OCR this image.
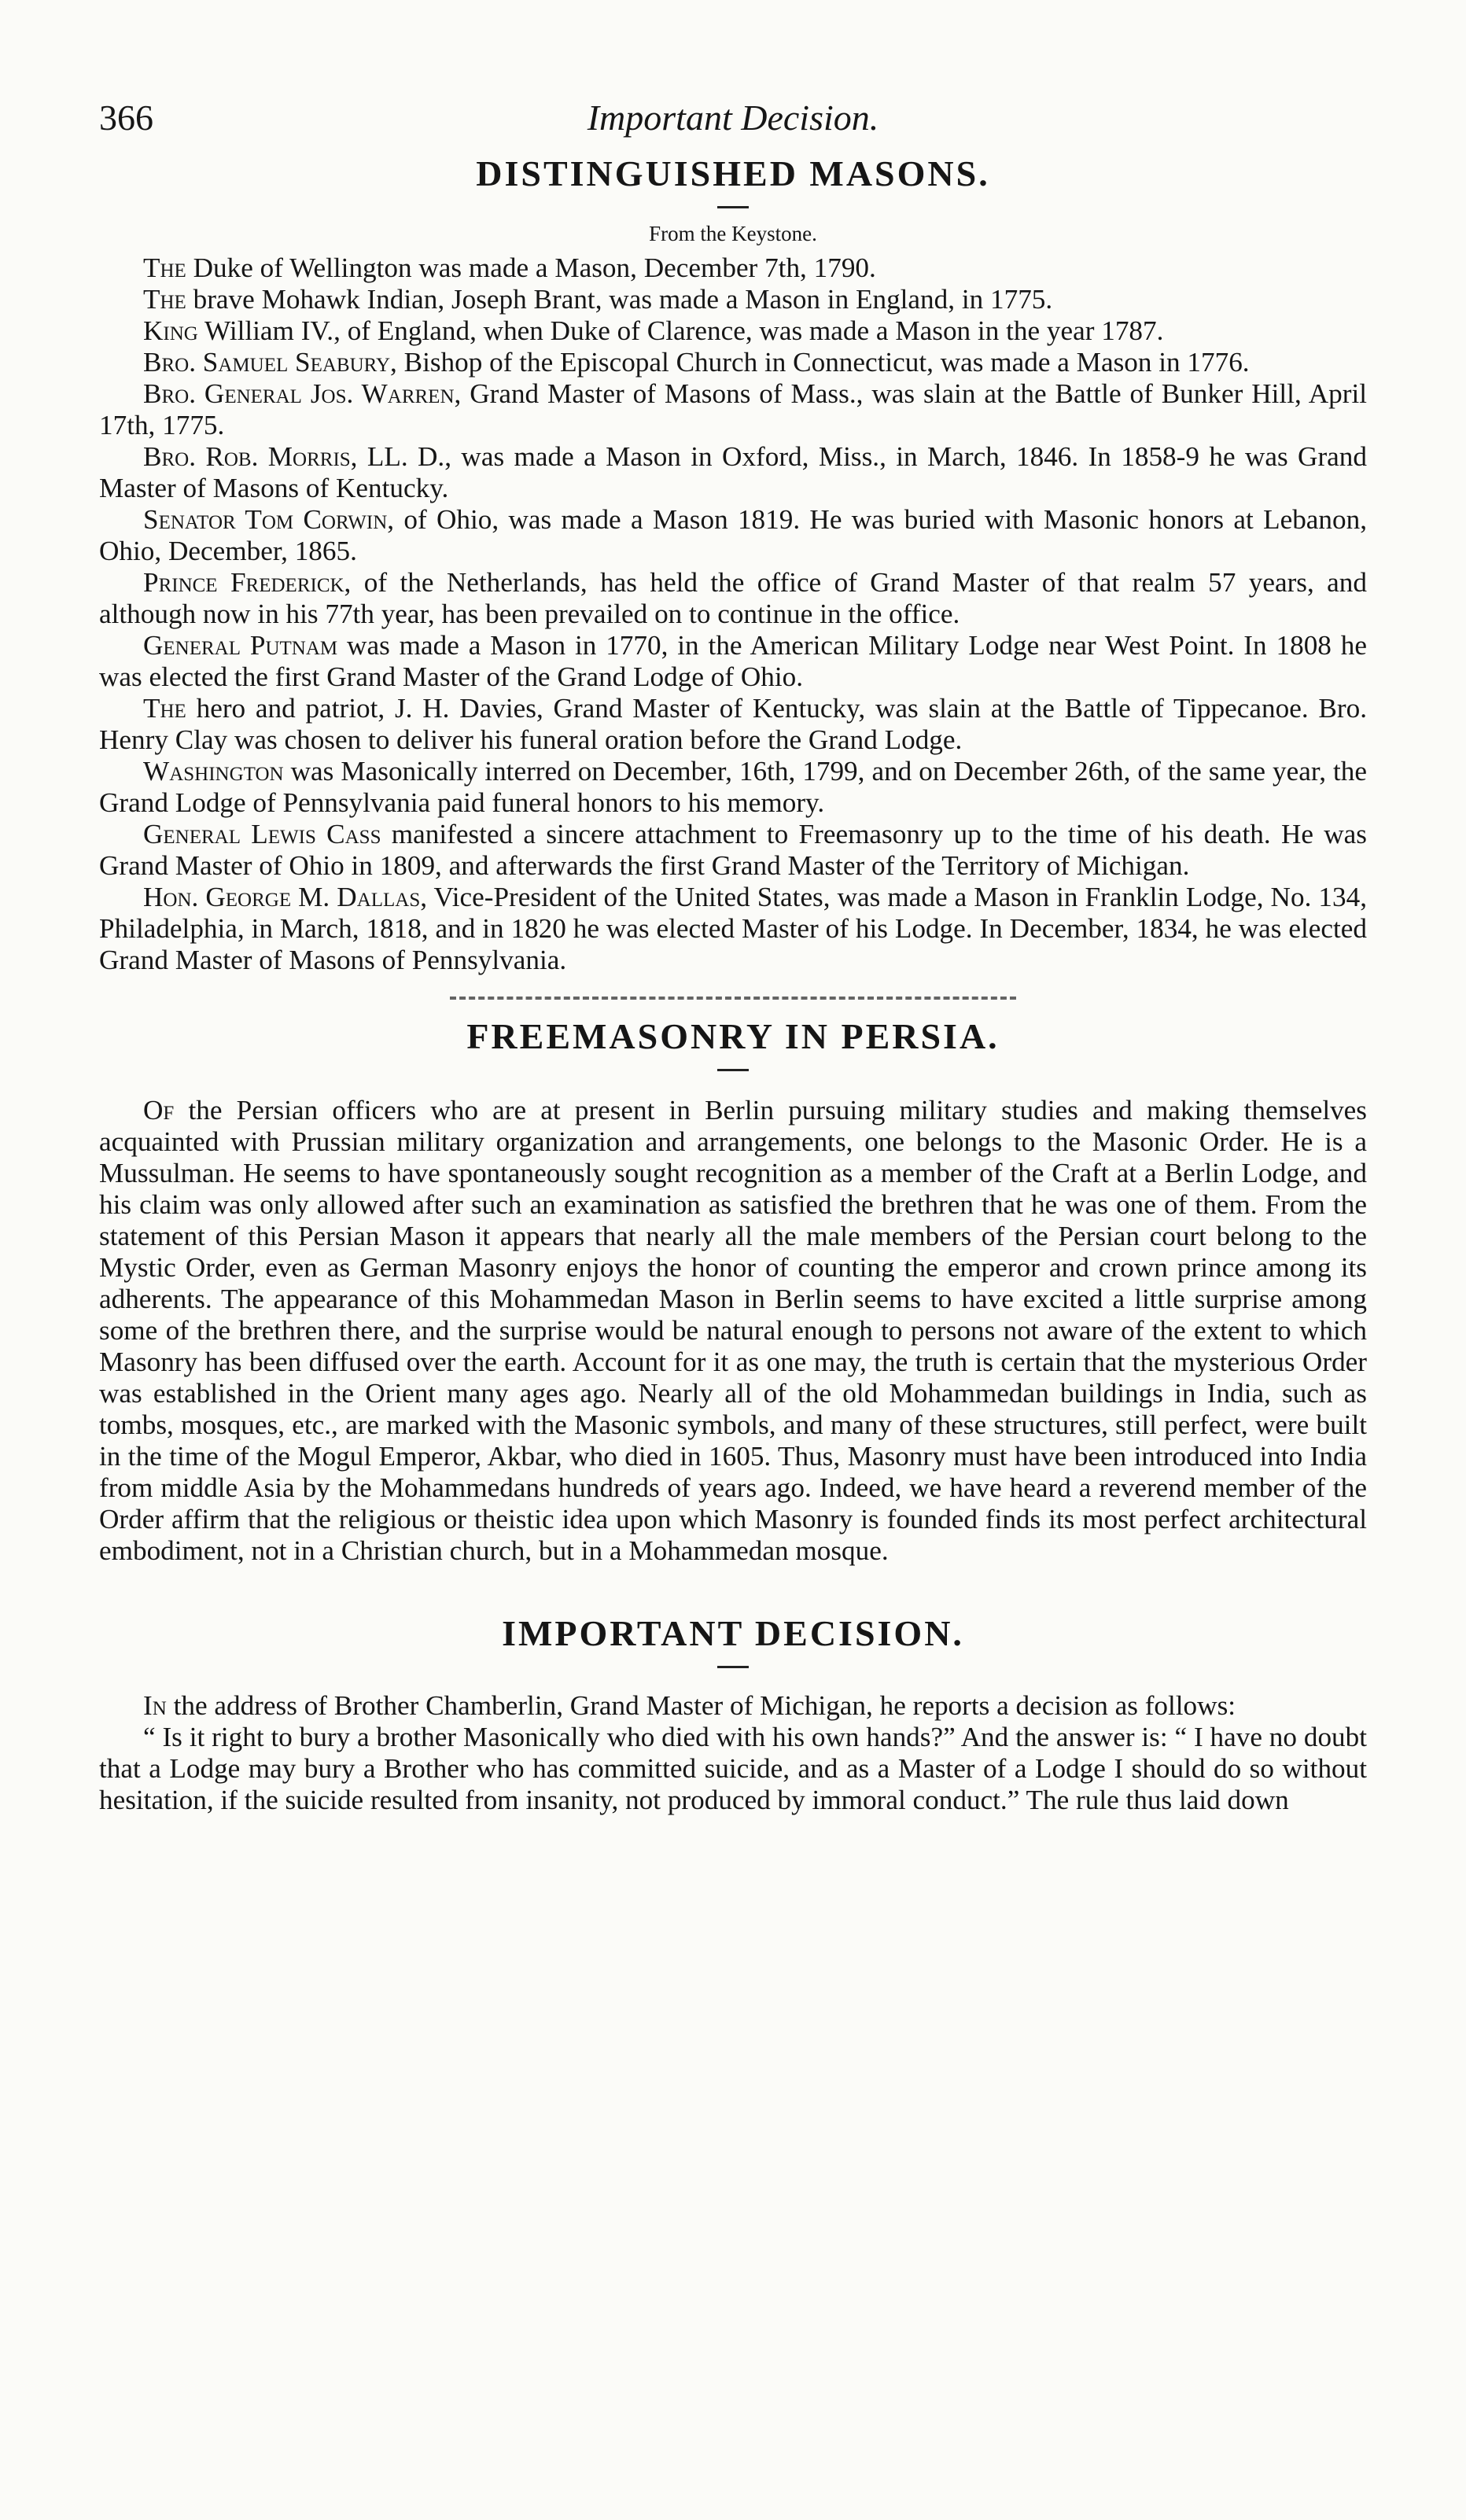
366	Important Decision.
DISTINGUISHED MASONS.

From the Keystone.

The Duke of Wellington was made a Mason, December 7th, 1790.

The brave Mohawk Indian, Joseph Brant, was made a Mason in England, in 1775.

King William IV., of England, when Duke of Clarence, was made a Mason in the year 1787.

Bro. Samuel Seabury, Bishop of the Episcopal Church in Connecticut, was made a Mason in 1776.

Bro. General Jos. Warren, Grand Master of Masons of Mass., was slain at the Battle of Bunker Hill, April 17th, 1775.

Bro. Rob. Morris, LL. D., was made a Mason in Oxford, Miss., in March, 1846. In 1858-9 he was Grand Master of Masons of Kentucky.

Senator Tom Corwin, of Ohio, was made a Mason 1819. He was buried with Masonic honors at Lebanon, Ohio, December, 1865.

Prince Frederick, of the Netherlands, has held the office of Grand Master of that realm 57 years, and although now in his 77th year, has been prevailed on to continue in the office.

General Putnam was made a Mason in 1770, in the American Military Lodge near West Point. In 1808 he was elected the first Grand Master of the Grand Lodge of Ohio.

The hero and patriot, J. H. Davies, Grand Master of Kentucky, was slain at the Battle of Tippecanoe. Bro. Henry Clay was chosen to deliver his funeral oration before the Grand Lodge.

Washington was Masonically interred on December, 16th, 1799, and on December 26th, of the same year, the Grand Lodge of Pennsylvania paid funeral honors to his memory.

General Lewis Cass manifested a sincere attachment to Freemasonry up to the time of his death. He was Grand Master of Ohio in 1809, and afterwards the first Grand Master of the Territory of Michigan.

Hon. George M. Dallas, Vice-President of the United States, was made a Mason in Franklin Lodge, No. 134, Philadelphia, in March, 1818, and in 1820 he was elected Master of his Lodge. In December, 1834, he was elected Grand Master of Masons of Pennsylvania.

FREEMASONRY IN PERSIA.

Of the Persian officers who are at present in Berlin pursuing military studies and making themselves acquainted with Prussian military organization and arrangements, one belongs to the Masonic Order. He is a Mussulman. He seems to have spontaneously sought recognition as a member of the Craft at a Berlin Lodge, and his claim was only allowed after such an examination as satisfied the brethren that he was one of them. From the statement of this Persian Mason it appears that nearly all the male members of the Persian court belong to the Mystic Order, even as German Masonry enjoys the honor of counting the emperor and crown prince among its adherents. The appearance of this Mohammedan Mason in Berlin seems to have excited a little surprise among some of the brethren there, and the surprise would be natural enough to persons not aware of the extent to which Masonry has been diffused over the earth. Account for it as one may, the truth is certain that the mysterious Order was established in the Orient many ages ago. Nearly all of the old Mohammedan buildings in India, such as tombs, mosques, etc., are marked with the Masonic symbols, and many of these structures, still perfect, were built in the time of the Mogul Emperor, Akbar, who died in 1605. Thus, Masonry must have been introduced into India from middle Asia by the Mohammedans hundreds of years ago. Indeed, we have heard a reverend member of the Order affirm that the religious or theistic idea upon which Masonry is founded finds its most perfect architectural embodiment, not in a Christian church, but in a Mohammedan mosque.

IMPORTANT DECISION.

In the address of Brother Chamberlin, Grand Master of Michigan, he reports a decision as follows:

“ Is it right to bury a brother Masonically who died with his own hands?” And the answer is: “ I have no doubt that a Lodge may bury a Brother who has committed suicide, and as a Master of a Lodge I should do so without hesitation, if the suicide resulted from insanity, not produced by immoral conduct.” The rule thus laid down
